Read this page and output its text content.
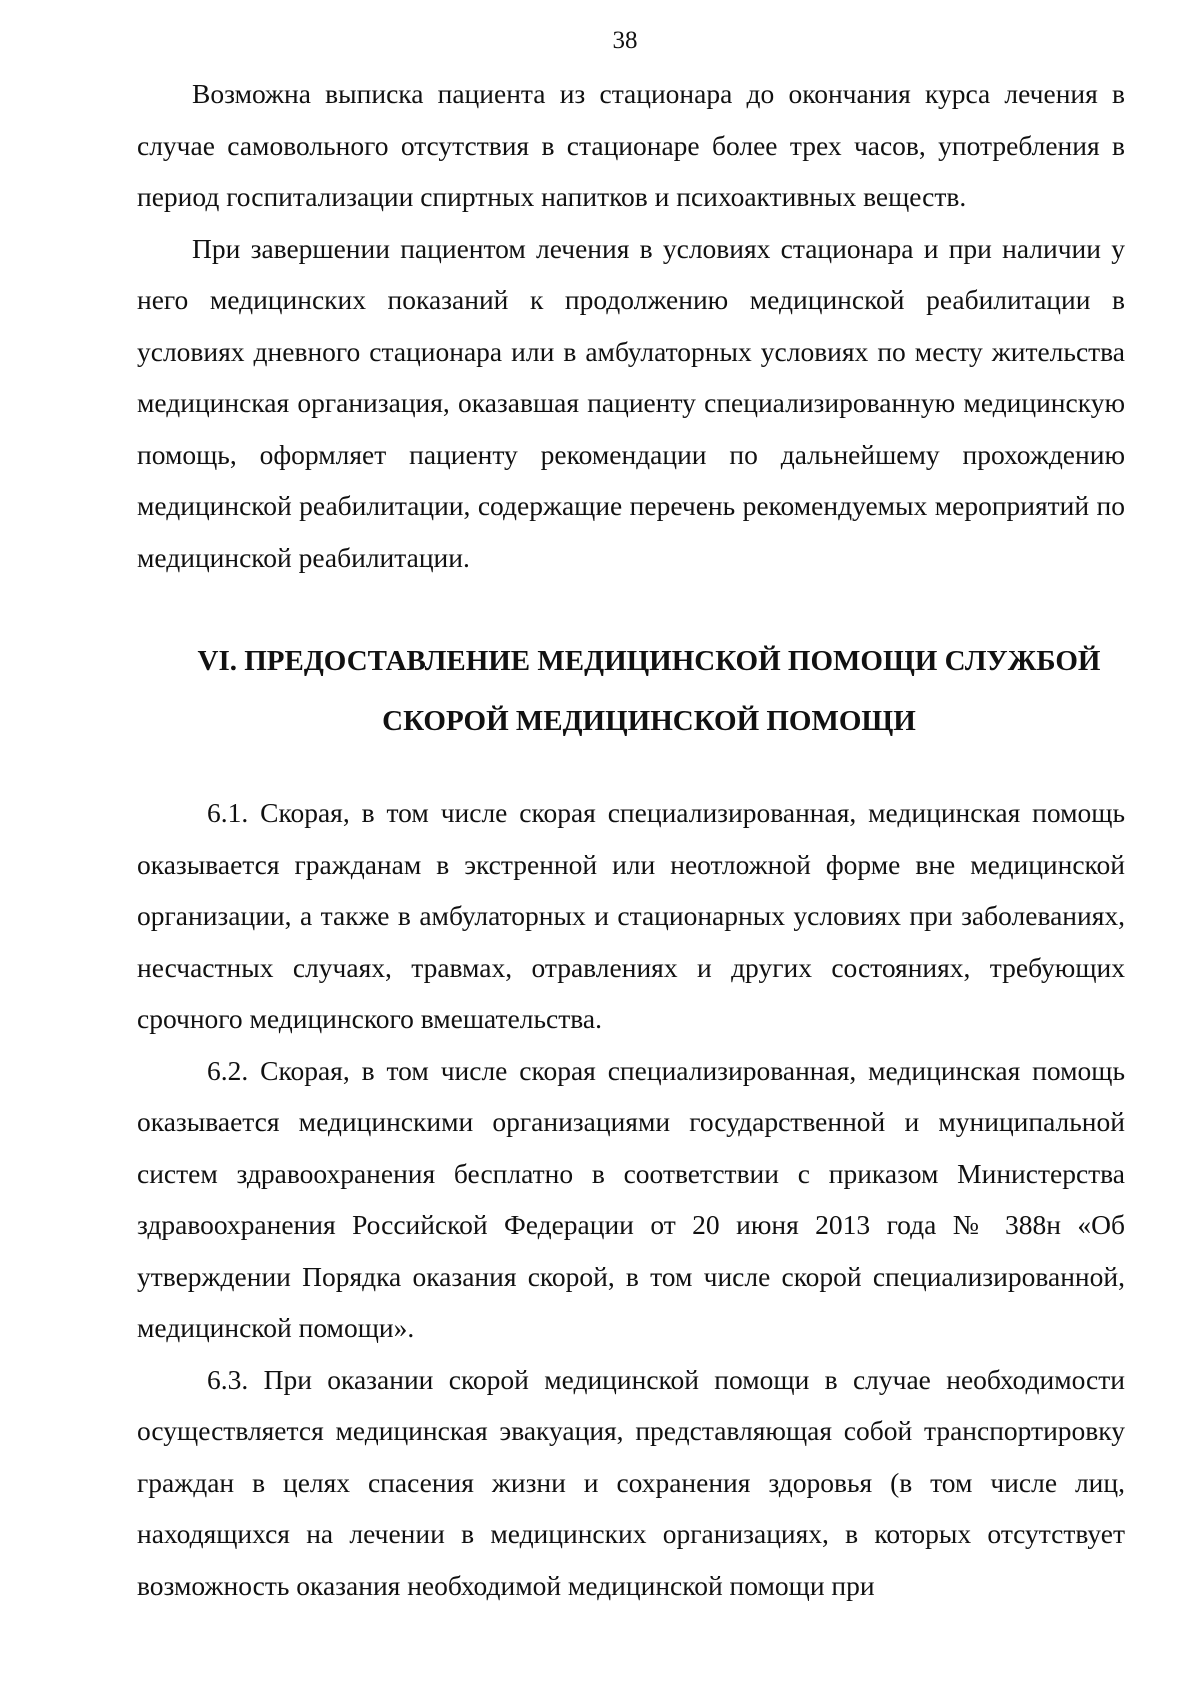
38

Возможна выписка пациента из стационара до окончания курса лечения в случае самовольного отсутствия в стационаре более трех часов, употребления в период госпитализации спиртных напитков и психоактивных веществ.

При завершении пациентом лечения в условиях стационара и при наличии у него медицинских показаний к продолжению медицинской реабилитации в условиях дневного стационара или в амбулаторных условиях по месту жительства медицинская организация, оказавшая пациенту специализированную медицинскую помощь, оформляет пациенту рекомендации по дальнейшему прохождению медицинской реабилитации, содержащие перечень рекомендуемых мероприятий по медицинской реабилитации.

VI. ПРЕДОСТАВЛЕНИЕ МЕДИЦИНСКОЙ ПОМОЩИ СЛУЖБОЙ
СКОРОЙ МЕДИЦИНСКОЙ ПОМОЩИ

6.1. Скорая, в том числе скорая специализированная, медицинская помощь оказывается гражданам в экстренной или неотложной форме вне медицинской организации, а также в амбулаторных и стационарных условиях при заболеваниях, несчастных случаях, травмах, отравлениях и других состояниях, требующих срочного медицинского вмешательства.

6.2. Скорая, в том числе скорая специализированная, медицинская помощь оказывается медицинскими организациями государственной и муниципальной систем здравоохранения бесплатно в соответствии с приказом Министерства здравоохранения Российской Федерации от 20 июня 2013 года № 388н «Об утверждении Порядка оказания скорой, в том числе скорой специализированной, медицинской помощи».

6.3. При оказании скорой медицинской помощи в случае необходимости осуществляется медицинская эвакуация, представляющая собой транспортировку граждан в целях спасения жизни и сохранения здоровья (в том числе лиц, находящихся на лечении в медицинских организациях, в которых отсутствует возможность оказания необходимой медицинской помощи при
